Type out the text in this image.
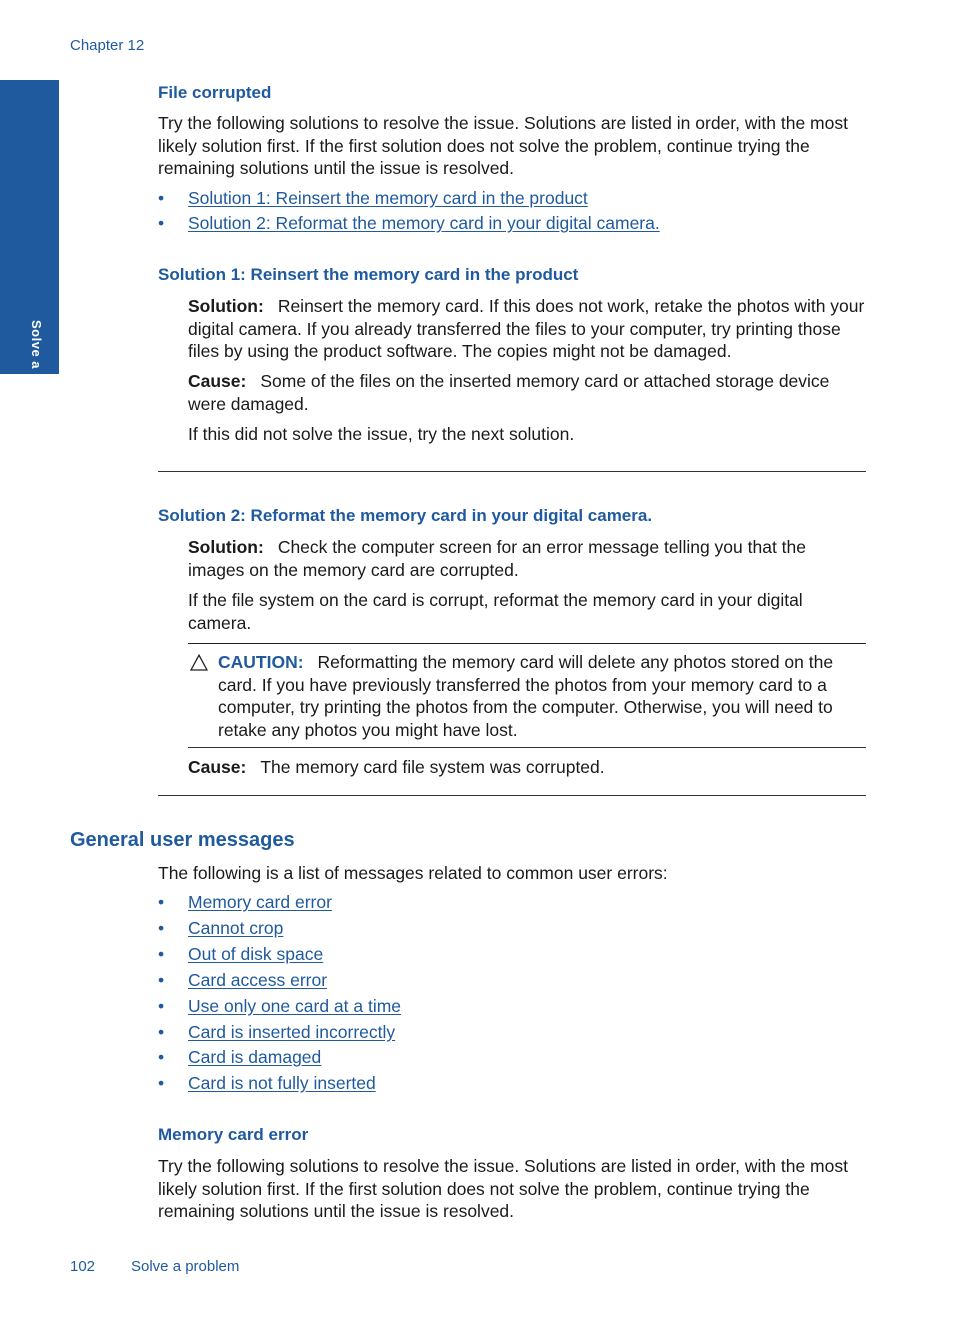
Chapter 12
Solve a problem
File corrupted
Try the following solutions to resolve the issue. Solutions are listed in order, with the most likely solution first. If the first solution does not solve the problem, continue trying the remaining solutions until the issue is resolved.
• Solution 1: Reinsert the memory card in the product
• Solution 2: Reformat the memory card in your digital camera.
Solution 1: Reinsert the memory card in the product
Solution: Reinsert the memory card. If this does not work, retake the photos with your digital camera. If you already transferred the files to your computer, try printing those files by using the product software. The copies might not be damaged.
Cause: Some of the files on the inserted memory card or attached storage device were damaged.
If this did not solve the issue, try the next solution.
Solution 2: Reformat the memory card in your digital camera.
Solution: Check the computer screen for an error message telling you that the images on the memory card are corrupted.
If the file system on the card is corrupt, reformat the memory card in your digital camera.
CAUTION: Reformatting the memory card will delete any photos stored on the card. If you have previously transferred the photos from your memory card to a computer, try printing the photos from the computer. Otherwise, you will need to retake any photos you might have lost.
Cause: The memory card file system was corrupted.
General user messages
The following is a list of messages related to common user errors:
• Memory card error
• Cannot crop
• Out of disk space
• Card access error
• Use only one card at a time
• Card is inserted incorrectly
• Card is damaged
• Card is not fully inserted
Memory card error
Try the following solutions to resolve the issue. Solutions are listed in order, with the most likely solution first. If the first solution does not solve the problem, continue trying the remaining solutions until the issue is resolved.
102 Solve a problem
